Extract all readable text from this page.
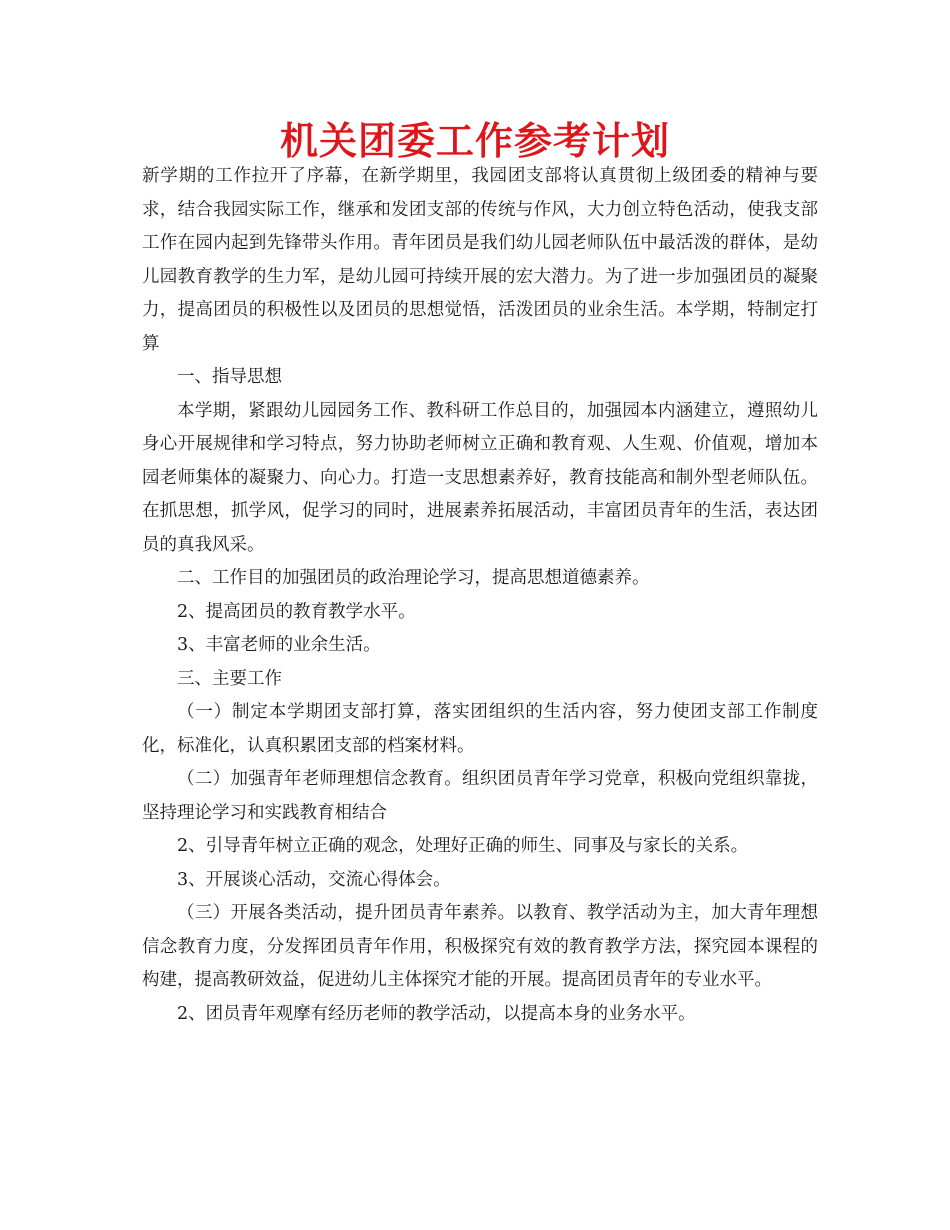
机关团委工作参考计划

新学期的工作拉开了序幕，在新学期里，我园团支部将认真贯彻上级团委的精神与要求，结合我园实际工作，继承和发团支部的传统与作风，大力创立特色活动，使我支部工作在园内起到先锋带头作用。青年团员是我们幼儿园老师队伍中最活泼的群体，是幼儿园教育教学的生力军，是幼儿园可持续开展的宏大潜力。为了进一步加强团员的凝聚力，提高团员的积极性以及团员的思想觉悟，活泼团员的业余生活。本学期，特制定打算

一、指导思想

本学期，紧跟幼儿园园务工作、教科研工作总目的，加强园本内涵建立，遵照幼儿身心开展规律和学习特点，努力协助老师树立正确和教育观、人生观、价值观，增加本园老师集体的凝聚力、向心力。打造一支思想素养好，教育技能高和制外型老师队伍。在抓思想，抓学风，促学习的同时，进展素养拓展活动，丰富团员青年的生活，表达团员的真我风采。

二、工作目的加强团员的政治理论学习，提高思想道德素养。

2、提高团员的教育教学水平。

3、丰富老师的业余生活。

三、主要工作

（一）制定本学期团支部打算，落实团组织的生活内容，努力使团支部工作制度化，标准化，认真积累团支部的档案材料。

（二）加强青年老师理想信念教育。组织团员青年学习党章，积极向党组织靠拢，坚持理论学习和实践教育相结合

2、引导青年树立正确的观念，处理好正确的师生、同事及与家长的关系。

3、开展谈心活动，交流心得体会。

（三）开展各类活动，提升团员青年素养。以教育、教学活动为主，加大青年理想信念教育力度，分发挥团员青年作用，积极探究有效的教育教学方法，探究园本课程的构建，提高教研效益，促进幼儿主体探究才能的开展。提高团员青年的专业水平。

2、团员青年观摩有经历老师的教学活动，以提高本身的业务水平。
